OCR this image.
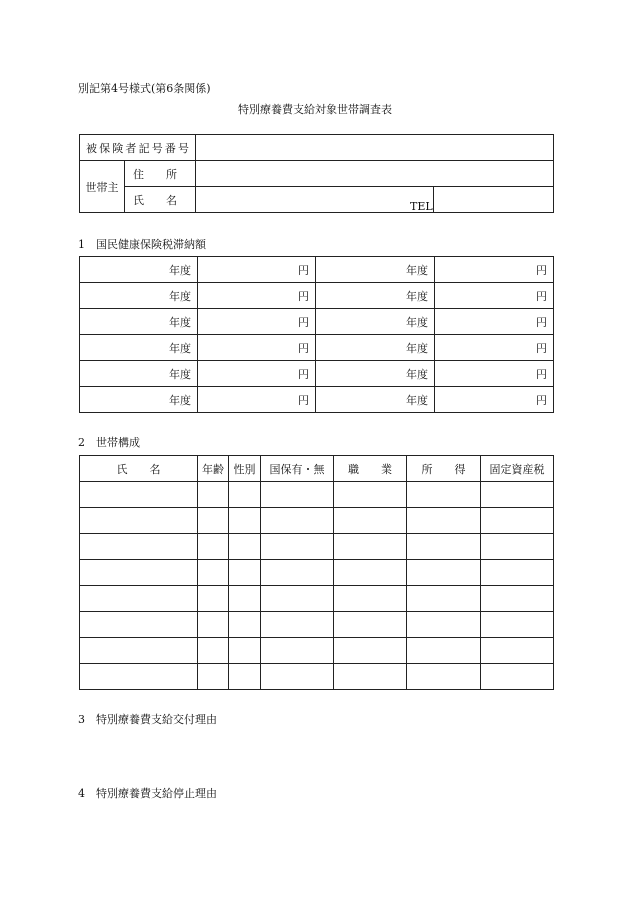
別記第4号様式(第6条関係)
特別療養費支給対象世帯調査表
被保険者記号番号			
世帯主	住　　所		
	氏　　名		TEL
1　国民健康保険税滞納額
年度	円	年度	円
年度	円	年度	円
年度	円	年度	円
年度	円	年度	円
年度	円	年度	円
年度	円	年度	円
2　世帯構成
氏　　名	年齢	性別	国保有・無	職　　業	所　　得	固定資産税

3　特別療養費支給交付理由
4　特別療養費支給停止理由
